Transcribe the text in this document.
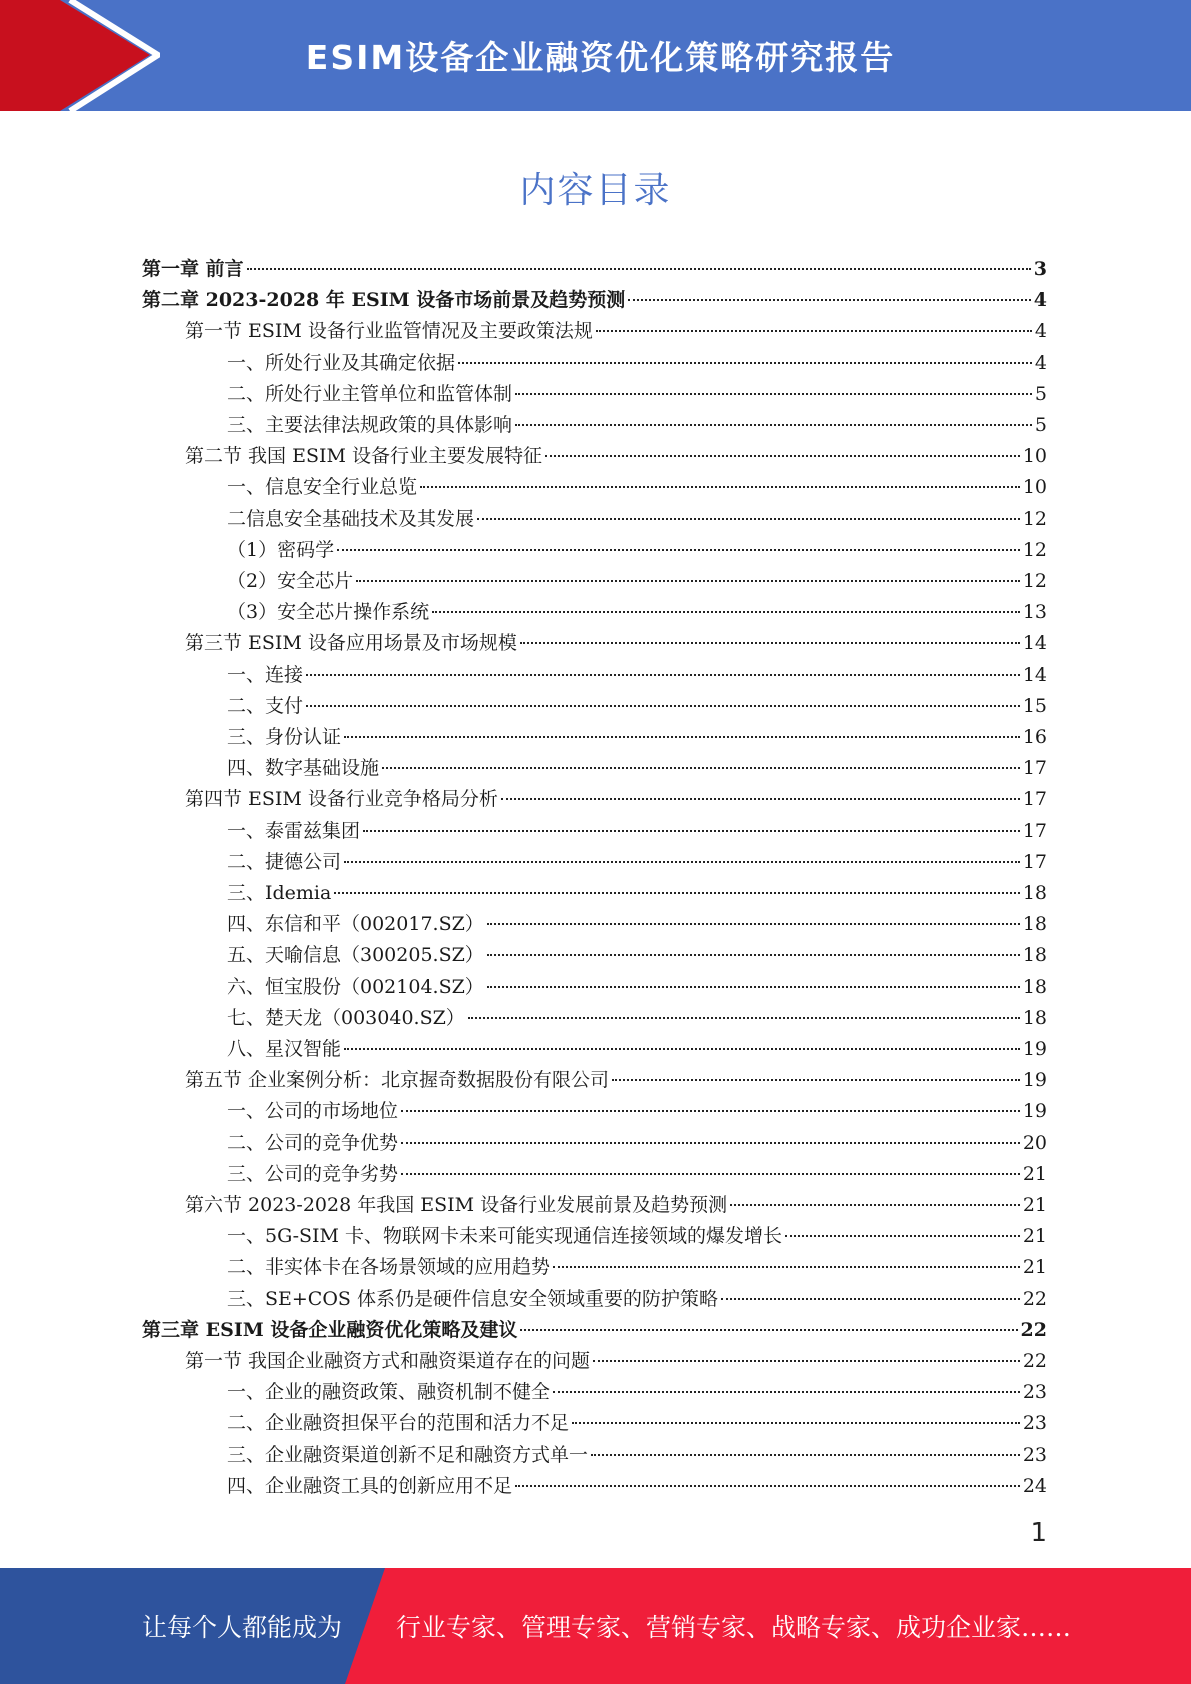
ESIM设备企业融资优化策略研究报告
内容目录
第一章 前言	3
第二章 2023-2028 年 ESIM 设备市场前景及趋势预测	4
第一节 ESIM 设备行业监管情况及主要政策法规	4
一、所处行业及其确定依据	4
二、所处行业主管单位和监管体制	5
三、主要法律法规政策的具体影响	5
第二节 我国 ESIM 设备行业主要发展特征	10
一、信息安全行业总览	10
二信息安全基础技术及其发展	12
（1）密码学	12
（2）安全芯片	12
（3）安全芯片操作系统	13
第三节 ESIM 设备应用场景及市场规模	14
一、连接	14
二、支付	15
三、身份认证	16
四、数字基础设施	17
第四节 ESIM 设备行业竞争格局分析	17
一、泰雷兹集团	17
二、捷德公司	17
三、Idemia	18
四、东信和平（002017.SZ）	18
五、天喻信息（300205.SZ）	18
六、恒宝股份（002104.SZ）	18
七、楚天龙（003040.SZ）	18
八、星汉智能	19
第五节 企业案例分析：北京握奇数据股份有限公司	19
一、公司的市场地位	19
二、公司的竞争优势	20
三、公司的竞争劣势	21
第六节 2023-2028 年我国 ESIM 设备行业发展前景及趋势预测	21
一、5G-SIM 卡、物联网卡未来可能实现通信连接领域的爆发增长	21
二、非实体卡在各场景领域的应用趋势	21
三、SE+COS 体系仍是硬件信息安全领域重要的防护策略	22
第三章 ESIM 设备企业融资优化策略及建议	22
第一节 我国企业融资方式和融资渠道存在的问题	22
一、企业的融资政策、融资机制不健全	23
二、企业融资担保平台的范围和活力不足	23
三、企业融资渠道创新不足和融资方式单一	23
四、企业融资工具的创新应用不足	24
1
让每个人都能成为 行业专家、管理专家、营销专家、战略专家、成功企业家……
